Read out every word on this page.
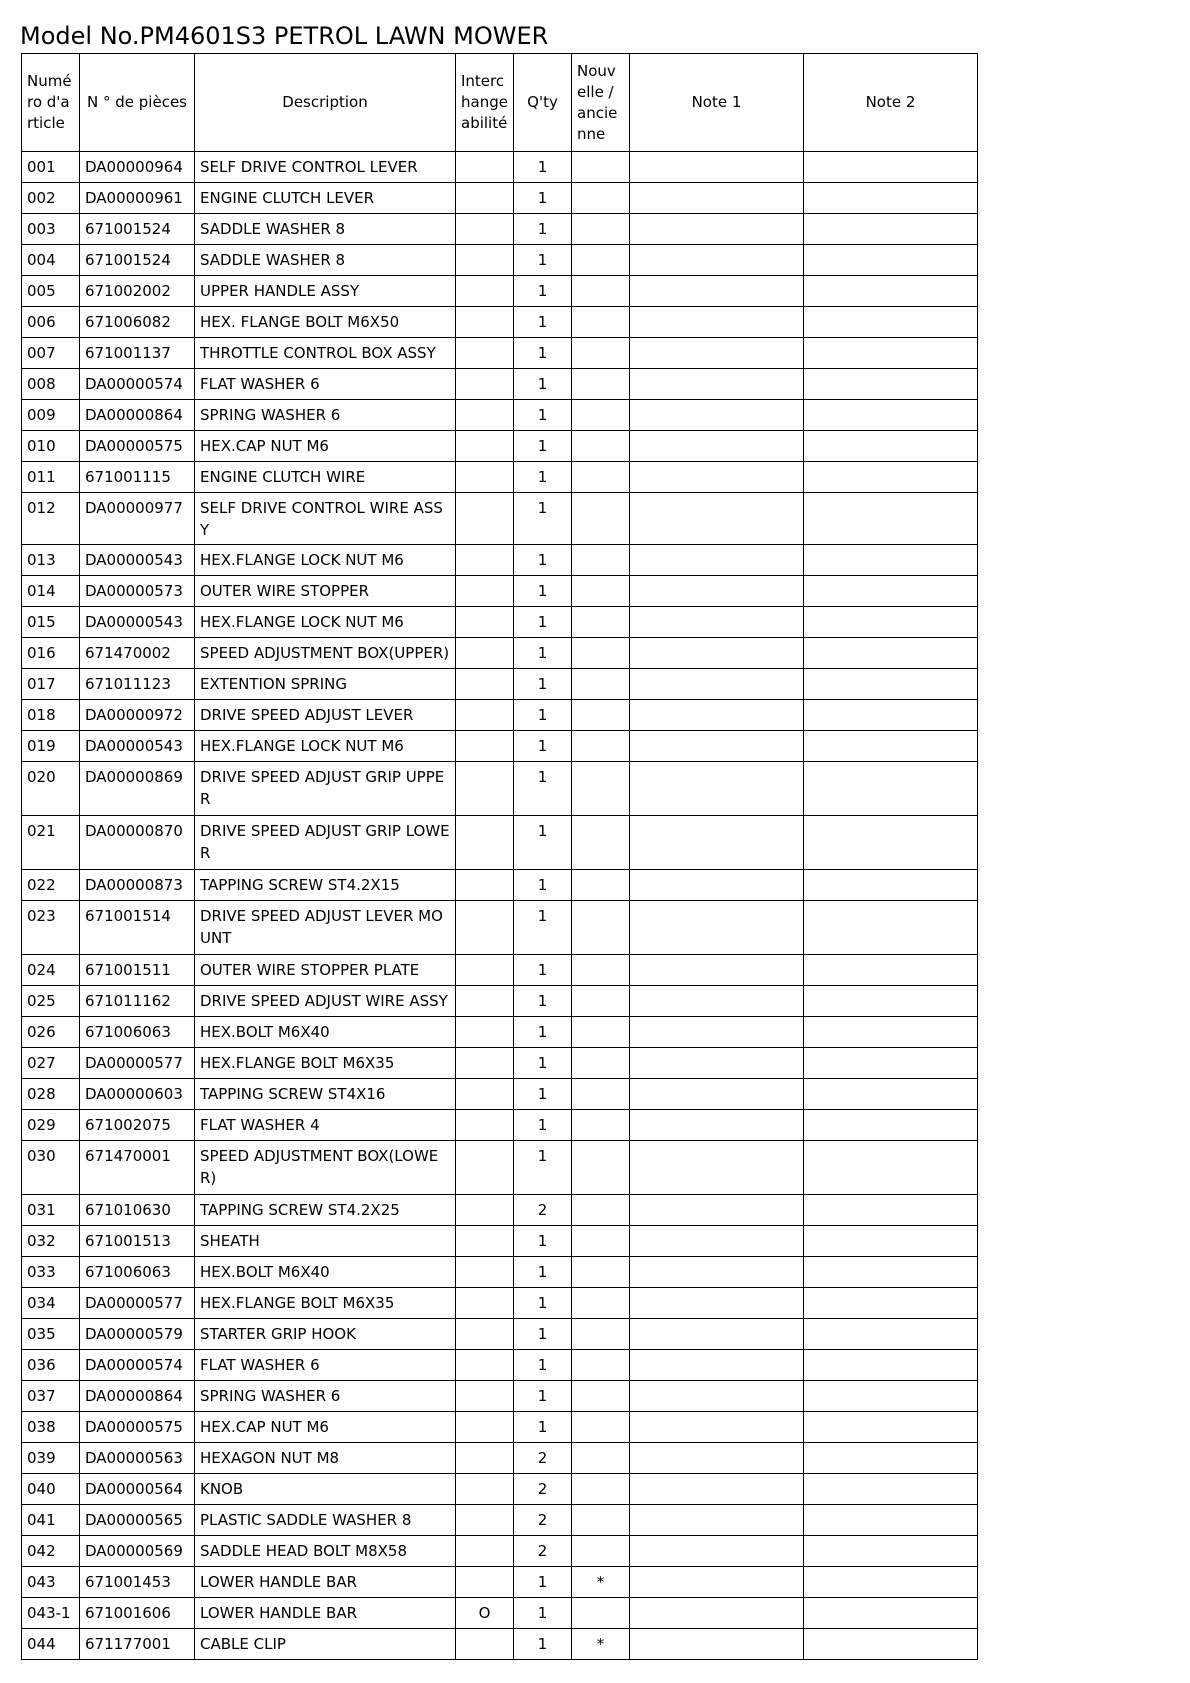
Model No.PM4601S3 PETROL LAWN MOWER
Numéro d'article	N ° de pièces	Description	Interchangeabilité	Q'ty	Nouvelle / ancienne	Note 1	Note 2
001	DA00000964	SELF DRIVE CONTROL LEVER		1			
002	DA00000961	ENGINE CLUTCH LEVER		1			
003	671001524	SADDLE WASHER 8		1			
004	671001524	SADDLE WASHER 8		1			
005	671002002	UPPER HANDLE ASSY		1			
006	671006082	HEX. FLANGE BOLT M6X50		1			
007	671001137	THROTTLE CONTROL BOX ASSY		1			
008	DA00000574	FLAT WASHER 6		1			
009	DA00000864	SPRING WASHER 6		1			
010	DA00000575	HEX.CAP NUT M6		1			
011	671001115	ENGINE CLUTCH WIRE		1			
012	DA00000977	SELF DRIVE CONTROL WIRE ASSY		1			
013	DA00000543	HEX.FLANGE LOCK NUT M6		1			
014	DA00000573	OUTER WIRE STOPPER		1			
015	DA00000543	HEX.FLANGE LOCK NUT M6		1			
016	671470002	SPEED ADJUSTMENT BOX(UPPER)		1			
017	671011123	EXTENTION SPRING		1			
018	DA00000972	DRIVE SPEED ADJUST LEVER		1			
019	DA00000543	HEX.FLANGE LOCK NUT M6		1			
020	DA00000869	DRIVE SPEED ADJUST GRIP UPPER		1			
021	DA00000870	DRIVE SPEED ADJUST GRIP LOWER		1			
022	DA00000873	TAPPING SCREW ST4.2X15		1			
023	671001514	DRIVE SPEED ADJUST LEVER MOUNT		1			
024	671001511	OUTER WIRE STOPPER PLATE		1			
025	671011162	DRIVE SPEED ADJUST WIRE ASSY		1			
026	671006063	HEX.BOLT M6X40		1			
027	DA00000577	HEX.FLANGE BOLT M6X35		1			
028	DA00000603	TAPPING SCREW ST4X16		1			
029	671002075	FLAT WASHER 4		1			
030	671470001	SPEED ADJUSTMENT BOX(LOWER)		1			
031	671010630	TAPPING SCREW ST4.2X25		2			
032	671001513	SHEATH		1			
033	671006063	HEX.BOLT M6X40		1			
034	DA00000577	HEX.FLANGE BOLT M6X35		1			
035	DA00000579	STARTER GRIP HOOK		1			
036	DA00000574	FLAT WASHER 6		1			
037	DA00000864	SPRING WASHER 6		1			
038	DA00000575	HEX.CAP NUT M6		1			
039	DA00000563	HEXAGON NUT M8		2			
040	DA00000564	KNOB		2			
041	DA00000565	PLASTIC SADDLE WASHER 8		2			
042	DA00000569	SADDLE HEAD BOLT M8X58		2			
043	671001453	LOWER HANDLE BAR		1	*		
043-1	671001606	LOWER HANDLE BAR	O	1			
044	671177001	CABLE CLIP		1	*		
